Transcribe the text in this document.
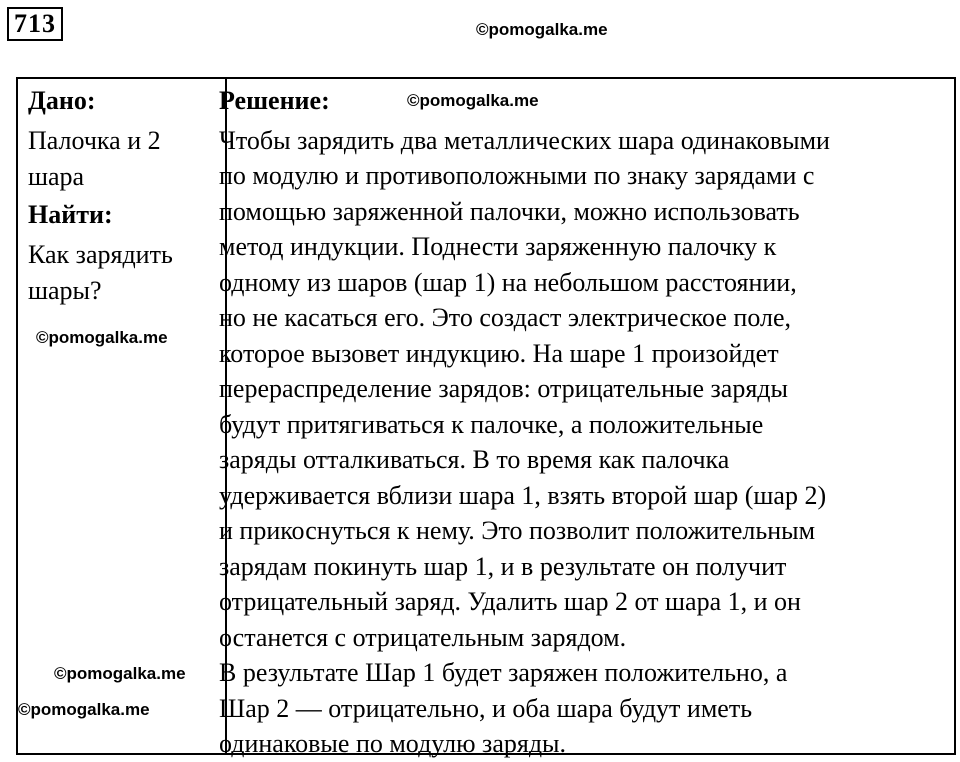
713	©pomogalka.me
Дано:
Палочка и 2
шара
Найти:
Как зарядить
шары?
Решение:
Чтобы зарядить два металлических шара одинаковыми
по модулю и противоположными по знаку зарядами с
помощью заряженной палочки, можно использовать
метод индукции. Поднести заряженную палочку к
одному из шаров (шар 1) на небольшом расстоянии,
но не касаться его. Это создаст электрическое поле,
которое вызовет индукцию. На шаре 1 произойдет
перераспределение зарядов: отрицательные заряды
будут притягиваться к палочке, а положительные
заряды отталкиваться. В то время как палочка
удерживается вблизи шара 1, взять второй шар (шар 2)
и прикоснуться к нему. Это позволит положительным
зарядам покинуть шар 1, и в результате он получит
отрицательный заряд. Удалить шар 2 от шара 1, и он
останется с отрицательным зарядом.
В результате Шар 1 будет заряжен положительно, а
Шар 2 — отрицательно, и оба шара будут иметь
одинаковые по модулю заряды.
©pomogalka.me
©pomogalka.me
©pomogalka.me
©pomogalka.me
